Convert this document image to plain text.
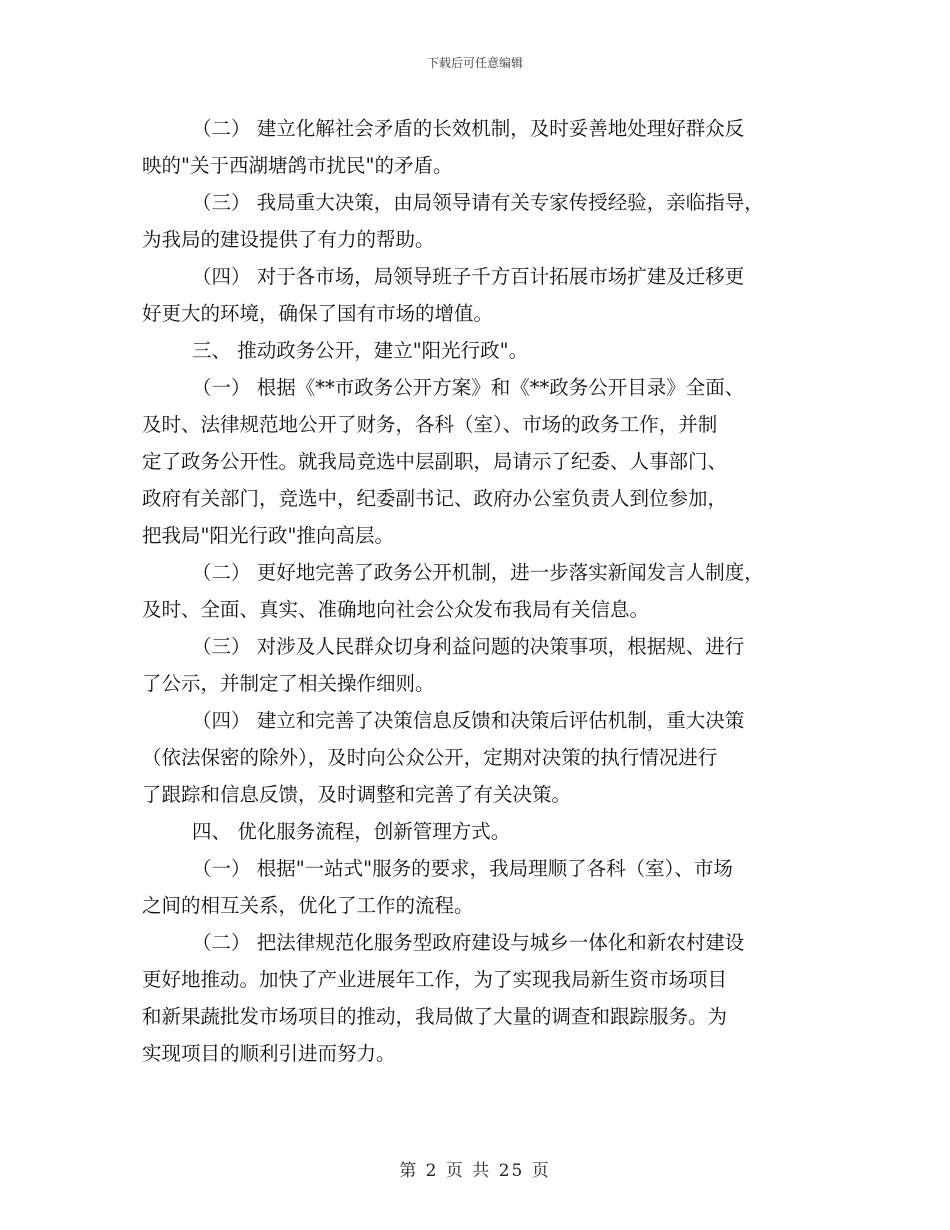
下载后可任意编辑
（二） 建立化解社会矛盾的长效机制，及时妥善地处理好群众反
映的"关于西湖塘鸽市扰民"的矛盾。
（三） 我局重大决策，由局领导请有关专家传授经验，亲临指导，
为我局的建设提供了有力的帮助。
（四） 对于各市场，局领导班子千方百计拓展市场扩建及迁移更
好更大的环境，确保了国有市场的增值。
三、 推动政务公开，建立"阳光行政"。
（一） 根据《**市政务公开方案》和《**政务公开目录》全面、
及时、法律规范地公开了财务，各科（室）、市场的政务工作，并制
定了政务公开性。就我局竞选中层副职，局请示了纪委、人事部门、
政府有关部门，竞选中，纪委副书记、政府办公室负责人到位参加，
把我局"阳光行政"推向高层。
（二） 更好地完善了政务公开机制，进一步落实新闻发言人制度，
及时、全面、真实、准确地向社会公众发布我局有关信息。
（三） 对涉及人民群众切身利益问题的决策事项，根据规、进行
了公示，并制定了相关操作细则。
（四） 建立和完善了决策信息反馈和决策后评估机制，重大决策
（依法保密的除外），及时向公众公开，定期对决策的执行情况进行
了跟踪和信息反馈，及时调整和完善了有关决策。
四、 优化服务流程，创新管理方式。
（一） 根据"一站式"服务的要求，我局理顺了各科（室）、市场
之间的相互关系，优化了工作的流程。
（二） 把法律规范化服务型政府建设与城乡一体化和新农村建设
更好地推动。加快了产业进展年工作，为了实现我局新生资市场项目
和新果蔬批发市场项目的推动，我局做了大量的调查和跟踪服务。为
实现项目的顺利引进而努力。
第 2 页 共 25 页
